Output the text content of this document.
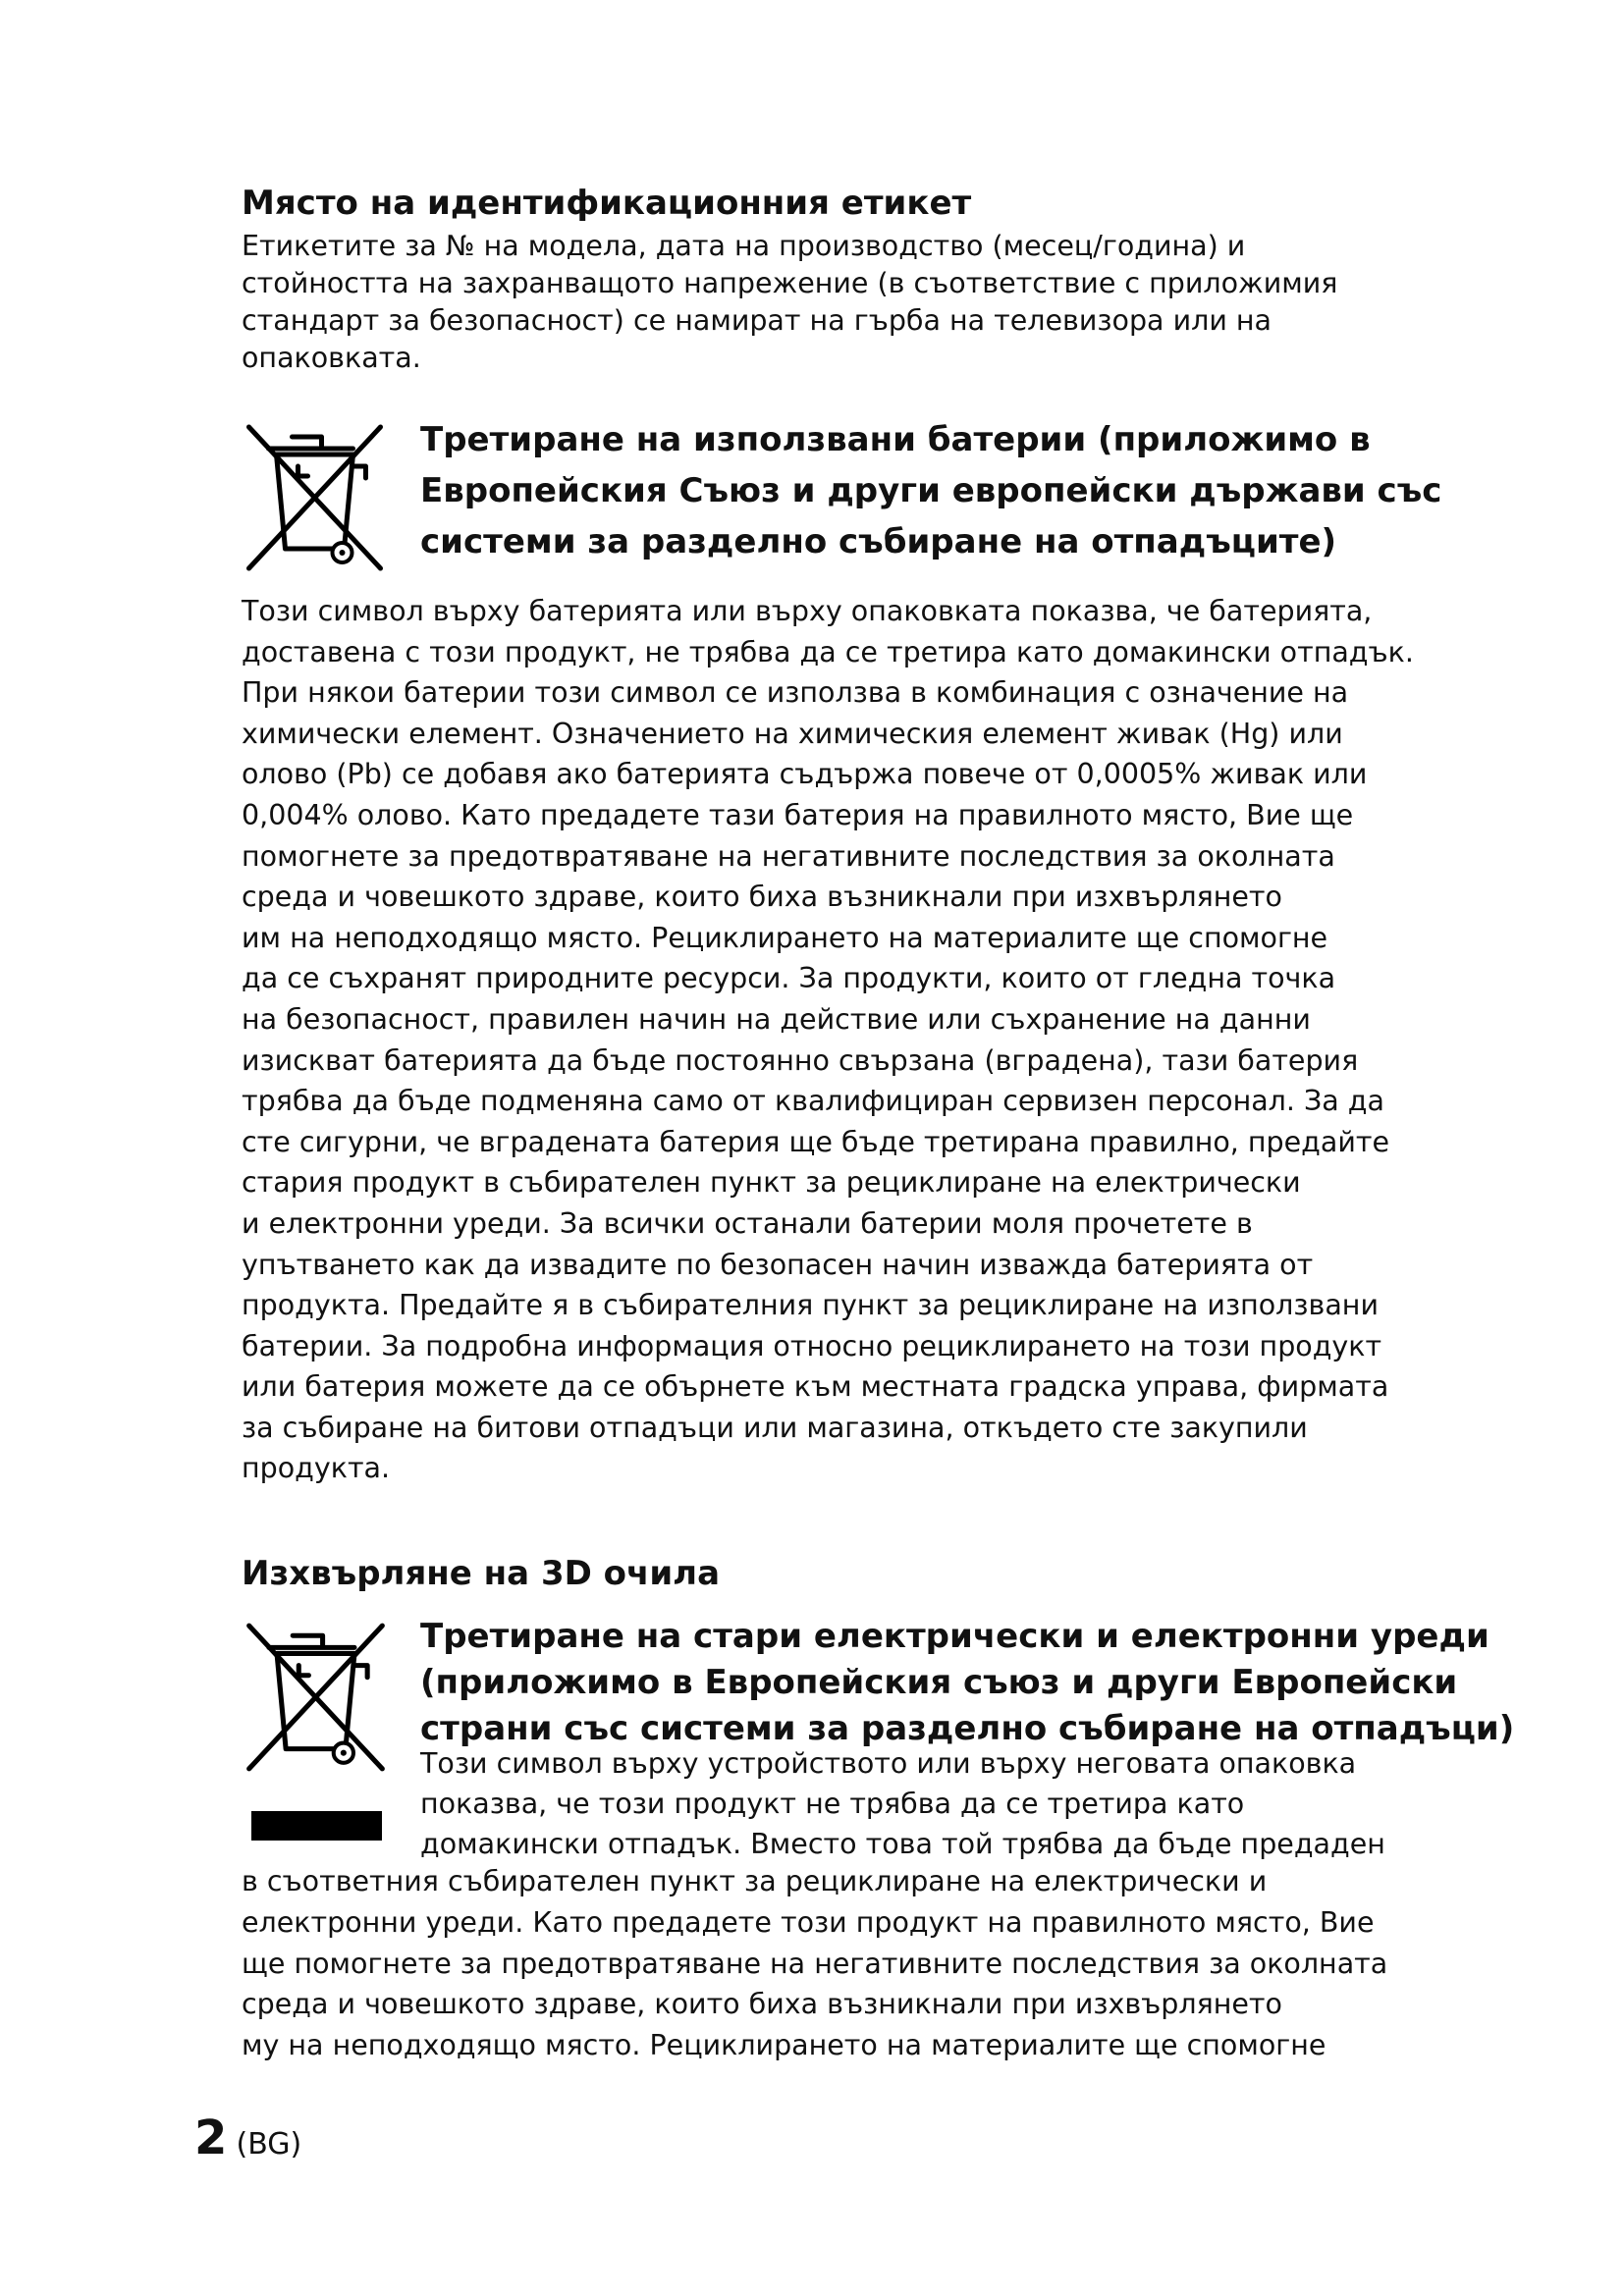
Място на идентификационния етикет

Етикетите за № на модела, дата на производство (месец/година) и
стойността на захранващото напрежение (в съответствие с приложимия
стандарт за безопасност) се намират на гърба на телевизора или на
опаковката.

Третиране на използвани батерии (приложимо в
Европейския Съюз и други европейски държави със
системи за разделно събиране на отпадъците)

Този символ върху батерията или върху опаковката показва, че батерията,
доставена с този продукт, не трябва да се третира като домакински отпадък.
При някои батерии този символ се използва в комбинация с означение на
химически елемент. Означението на химическия елемент живак (Hg) или
олово (Pb) се добавя ако батерията съдържа повече от 0,0005% живак или
0,004% олово. Като предадете тази батерия на правилното място, Вие ще
помогнете за предотвратяване на негативните последствия за околната
среда и човешкото здраве, които биха възникнали при изхвърлянето
им на неподходящо място. Рециклирането на материалите ще спомогне
да се съхранят природните ресурси. За продукти, които от гледна точка
на безопасност, правилен начин на действие или съхранение на данни
изискват батерията да бъде постоянно свързана (вградена), тази батерия
трябва да бъде подменяна само от квалифициран сервизен персонал. За да
сте сигурни, че вградената батерия ще бъде третирана правилно, предайте
стария продукт в събирателен пункт за рециклиране на електрически
и електронни уреди. За всички останали батерии моля прочетете в
упътването как да извадите по безопасен начин изважда батерията от
продукта. Предайте я в събирателния пункт за рециклиране на използвани
батерии. За подробна информация относно рециклирането на този продукт
или батерия можете да се обърнете към местната градска управа, фирмата
за събиране на битови отпадъци или магазина, откъдето сте закупили
продукта.

Изхвърляне на 3D очила
Третиране на стари електрически и електронни уреди
(приложимо в Европейския съюз и други Европейски
страни със системи за разделно събиране на отпадъци)

Този символ върху устройството или върху неговата опаковка
показва, че този продукт не трябва да се третира като
домакински отпадък. Вместо това той трябва да бъде предаден

в съответния събирателен пункт за рециклиране на електрически и
електронни уреди. Като предадете този продукт на правилното място, Вие
ще помогнете за предотвратяване на негативните последствия за околната
среда и човешкото здраве, които биха възникнали при изхвърлянето
му на неподходящо място. Рециклирането на материалите ще спомогне

2 (BG)
